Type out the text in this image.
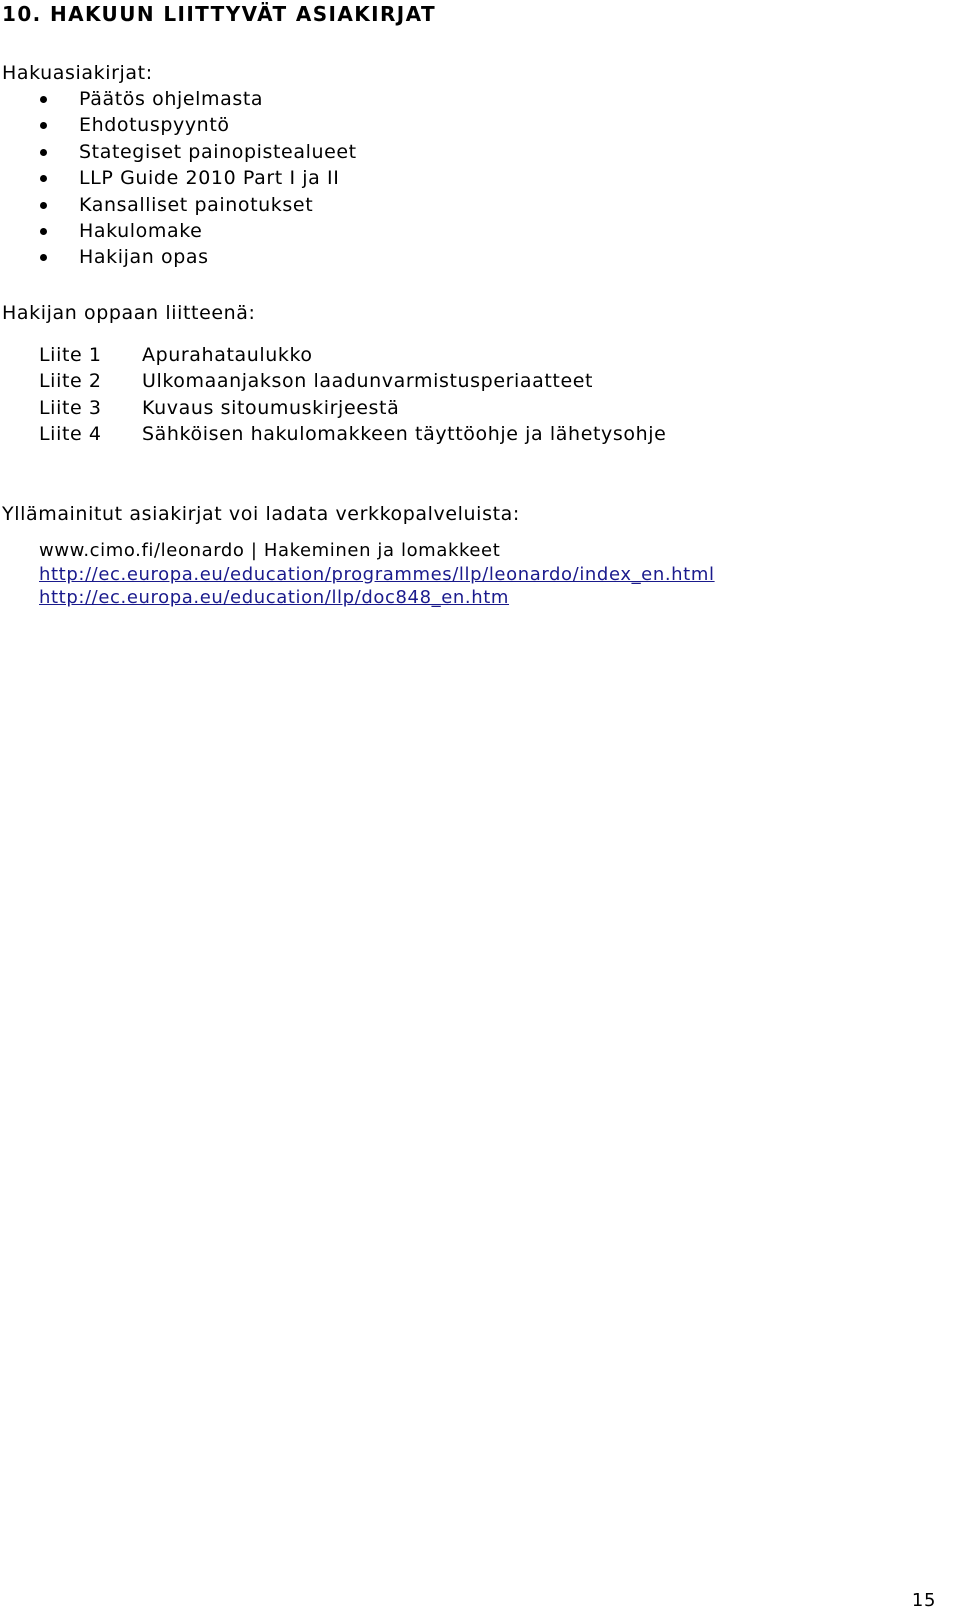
10. HAKUUN LIITTYVÄT ASIAKIRJAT
Hakuasiakirjat:
Päätös ohjelmasta
Ehdotuspyyntö
Stategiset painopistealueet
LLP Guide 2010 Part I ja II
Kansalliset painotukset
Hakulomake
Hakijan opas
Hakijan oppaan liitteenä:
Liite 1 Apurahataulukko
Liite 2 Ulkomaanjakson laadunvarmistusperiaatteet
Liite 3 Kuvaus sitoumuskirjeestä
Liite 4 Sähköisen hakulomakkeen täyttöohje ja lähetysohje
Yllämainitut asiakirjat voi ladata verkkopalveluista:
www.cimo.fi/leonardo | Hakeminen ja lomakkeet
http://ec.europa.eu/education/programmes/llp/leonardo/index_en.html
http://ec.europa.eu/education/llp/doc848_en.htm
15
